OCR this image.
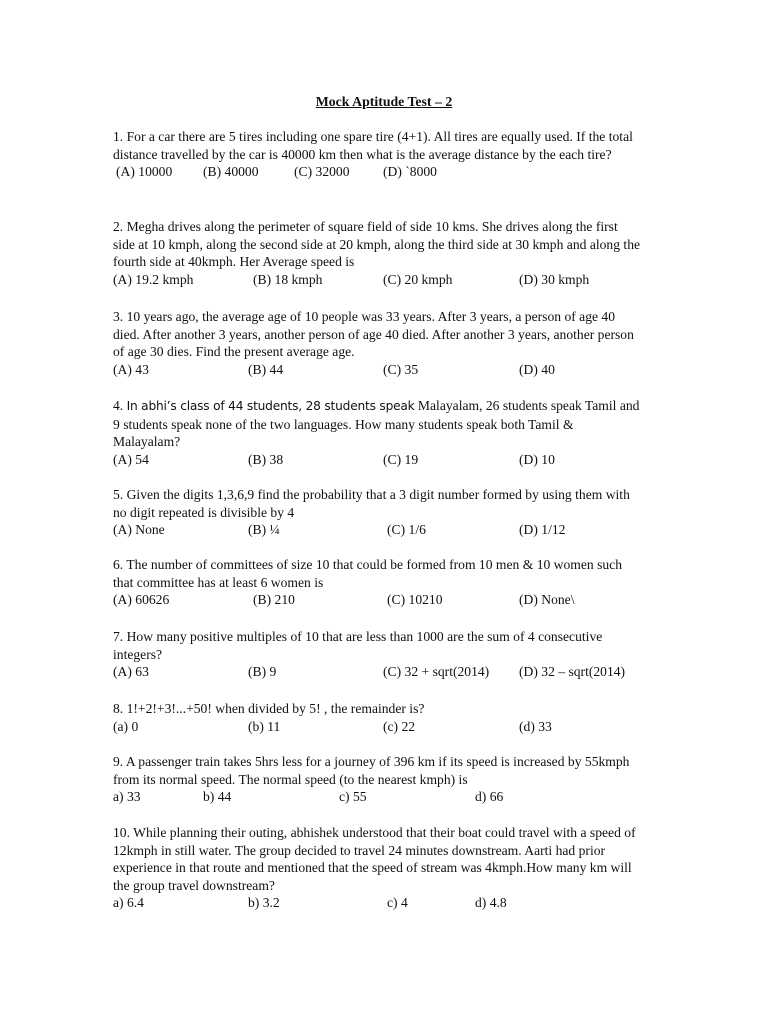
Mock Aptitude Test – 2
1. For a car there are 5 tires including one spare tire (4+1). All tires are equally used. If the total distance travelled by the car is 40000 km then what is the average distance by the each tire?
(A) 10000 (B) 40000	(C) 32000 (D) `8000
2. Megha drives along the perimeter of square field of side 10 kms. She drives along the first side at 10 kmph, along the second side at 20 kmph, along the third side at 30 kmph and along the fourth side at 40kmph. Her Average speed is
(A) 19.2 kmph	(B) 18 kmph	(C) 20 kmph	(D) 30 kmph
3. 10 years ago, the average age of 10 people was 33 years. After 3 years, a person of age 40 died. After another 3 years, another person of age 40 died. After another 3 years, another person of age 30 dies. Find the present average age.
(A) 43	(B) 44	(C) 35	(D) 40
4. In abhi’s class of 44 students, 28 students speak Malayalam, 26 students speak Tamil and 9 students speak none of the two languages. How many students speak both Tamil & Malayalam?
(A) 54	(B) 38	(C) 19	(D) 10
5. Given the digits 1,3,6,9 find the probability that a 3 digit number formed by using them with no digit repeated is divisible by 4
(A) None	(B) ¼	(C) 1/6	(D) 1/12
6. The number of committees of size 10 that could be formed from 10 men & 10 women such that committee has at least 6 women is
(A) 60626	(B) 210	(C) 10210	(D) None\
7. How many positive multiples of 10 that are less than 1000 are the sum of 4 consecutive integers?
(A) 63	(B) 9	(C) 32 + sqrt(2014) (D) 32 – sqrt(2014)
8. 1!+2!+3!...+50! when divided by 5! , the remainder is?
(a) 0	(b) 11	(c) 22	(d) 33
9. A passenger train takes 5hrs less for a journey of 396 km if its speed is increased by 55kmph from its normal speed. The normal speed (to the nearest kmph) is
a) 33	b) 44	c) 55	d) 66
10. While planning their outing, abhishek understood that their boat could travel with a speed of 12kmph in still water. The group decided to travel 24 minutes downstream. Aarti had prior experience in that route and mentioned that the speed of stream was 4kmph.How many km will the group travel downstream?
a) 6.4	b) 3.2	c) 4	d) 4.8
